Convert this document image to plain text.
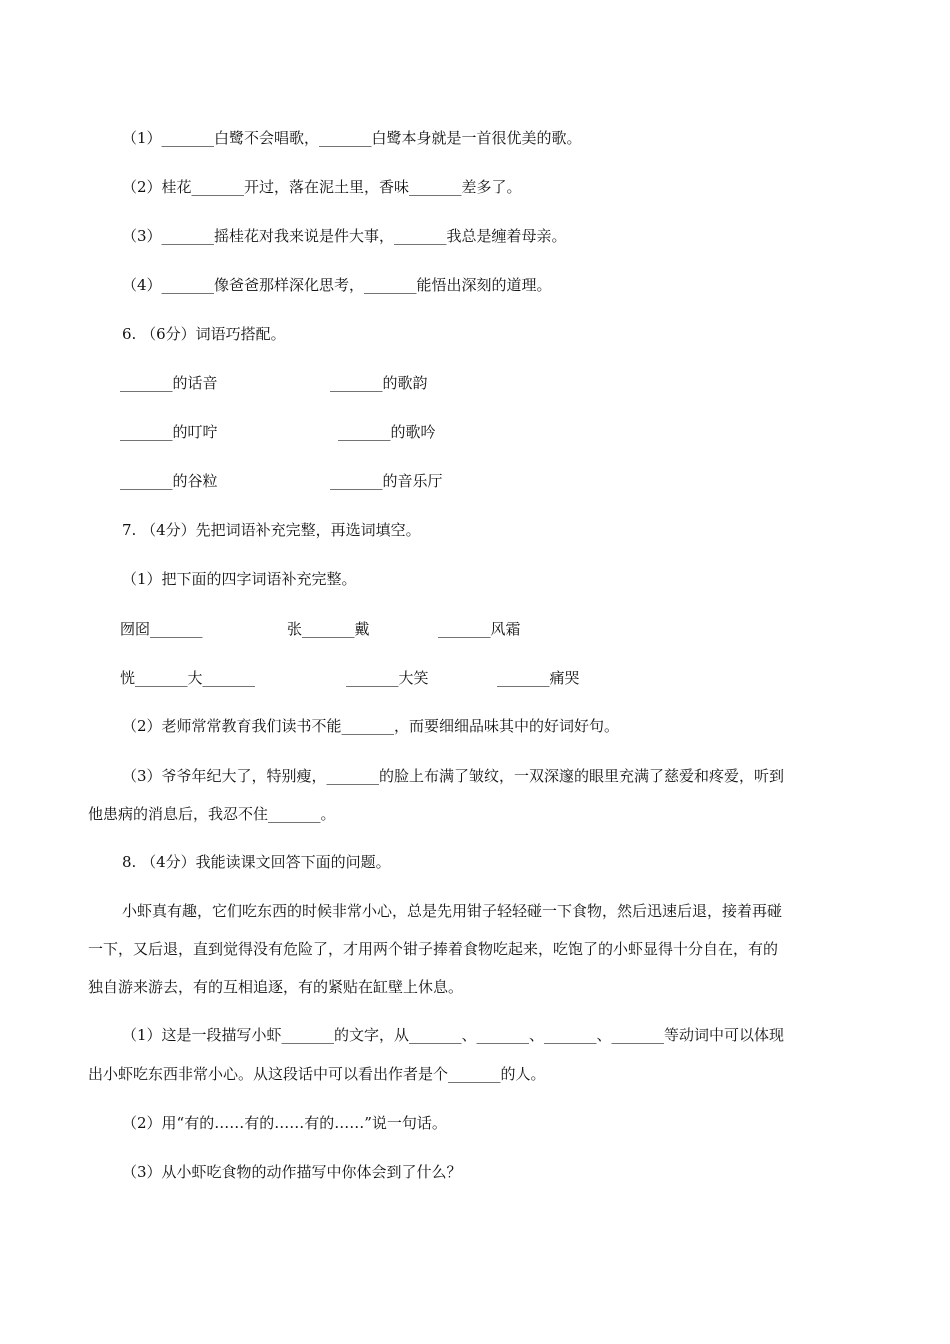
（1）_______白鹭不会唱歌，_______白鹭本身就是一首很优美的歌。
（2）桂花_______开过，落在泥土里，香味_______差多了。
（3）_______摇桂花对我来说是件大事，_______我总是缠着母亲。
（4）_______像爸爸那样深化思考，_______能悟出深刻的道理。
6. （6分）词语巧搭配。
_______的话音	_______的歌韵
_______的叮咛	_______的歌吟
_______的谷粒	_______的音乐厅
7. （4分）先把词语补充完整，再选词填空。
（1）把下面的四字词语补充完整。
囫囵_______	张_______戴	_______风霜
恍_______大_______	_______大笑	_______痛哭
（2）老师常常教育我们读书不能_______，而要细细品味其中的好词好句。
（3）爷爷年纪大了，特别瘦，_______的脸上布满了皱纹，一双深邃的眼里充满了慈爱和疼爱，听到
他患病的消息后，我忍不住_______。
8. （4分）我能读课文回答下面的问题。
小虾真有趣，它们吃东西的时候非常小心，总是先用钳子轻轻碰一下食物，然后迅速后退，接着再碰
一下，又后退，直到觉得没有危险了，才用两个钳子捧着食物吃起来，吃饱了的小虾显得十分自在，有的
独自游来游去，有的互相追逐，有的紧贴在缸壁上休息。
（1）这是一段描写小虾_______的文字，从_______、_______、_______、_______等动词中可以体现
出小虾吃东西非常小心。从这段话中可以看出作者是个_______的人。
（2）用“有的……有的……有的……”说一句话。
（3）从小虾吃食物的动作描写中你体会到了什么？
